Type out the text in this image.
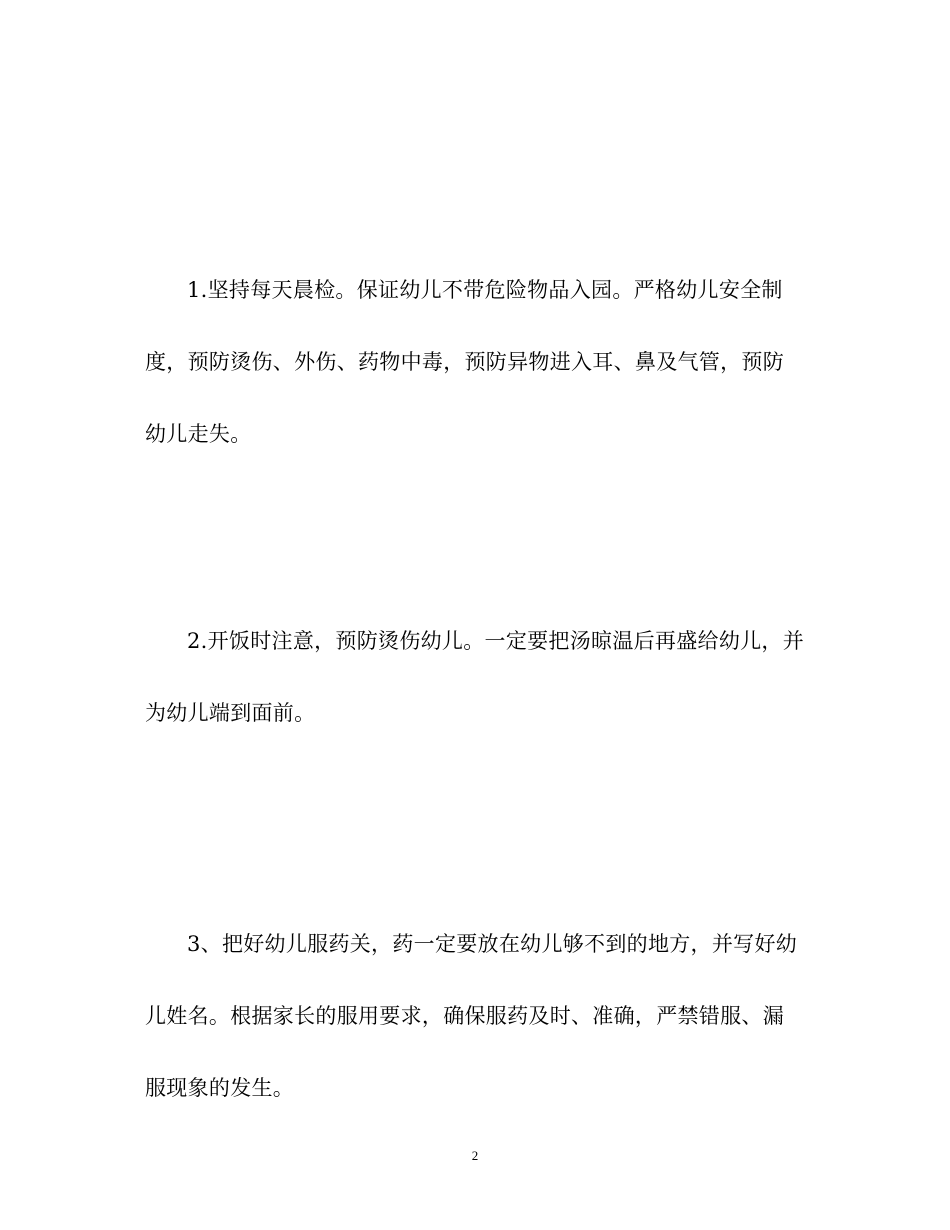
1.坚持每天晨检。保证幼儿不带危险物品入园。严格幼儿安全制度，预防烫伤、外伤、药物中毒，预防异物进入耳、鼻及气管，预防幼儿走失。

2.开饭时注意，预防烫伤幼儿。一定要把汤晾温后再盛给幼儿，并为幼儿端到面前。

3、把好幼儿服药关，药一定要放在幼儿够不到的地方，并写好幼儿姓名。根据家长的服用要求，确保服药及时、准确，严禁错服、漏服现象的发生。

2
